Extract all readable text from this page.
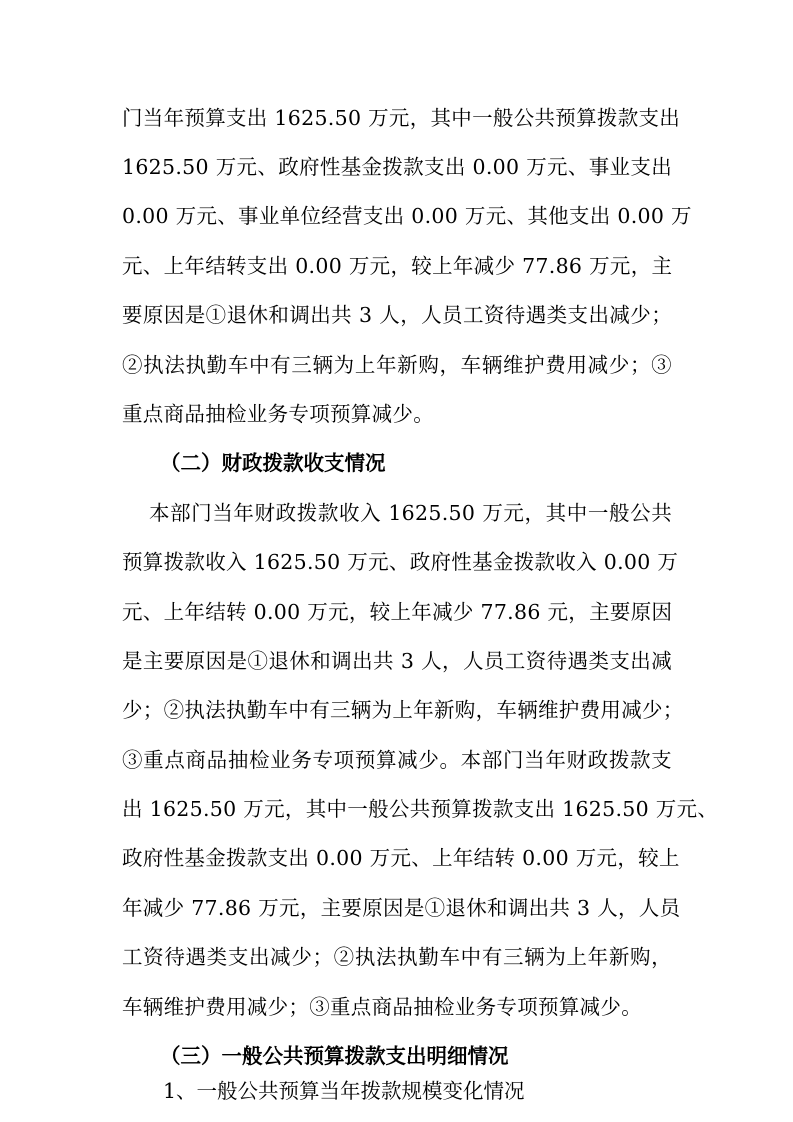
门当年预算支出 1625.50 万元，其中一般公共预算拨款支出
1625.50 万元、政府性基金拨款支出 0.00 万元、事业支出
0.00 万元、事业单位经营支出 0.00 万元、其他支出 0.00 万
元、上年结转支出 0.00 万元，较上年减少 77.86 万元，主
要原因是①退休和调出共 3 人，人员工资待遇类支出减少；
②执法执勤车中有三辆为上年新购，车辆维护费用减少；③
重点商品抽检业务专项预算减少。
（二）财政拨款收支情况
本部门当年财政拨款收入 1625.50 万元，其中一般公共
预算拨款收入 1625.50 万元、政府性基金拨款收入 0.00 万
元、上年结转 0.00 万元，较上年减少 77.86 元，主要原因
是主要原因是①退休和调出共 3 人，人员工资待遇类支出减
少；②执法执勤车中有三辆为上年新购，车辆维护费用减少；
③重点商品抽检业务专项预算减少。本部门当年财政拨款支
出 1625.50 万元，其中一般公共预算拨款支出 1625.50 万元、
政府性基金拨款支出 0.00 万元、上年结转 0.00 万元，较上
年减少 77.86 万元，主要原因是①退休和调出共 3 人，人员
工资待遇类支出减少；②执法执勤车中有三辆为上年新购，
车辆维护费用减少；③重点商品抽检业务专项预算减少。
（三）一般公共预算拨款支出明细情况
1、一般公共预算当年拨款规模变化情况
